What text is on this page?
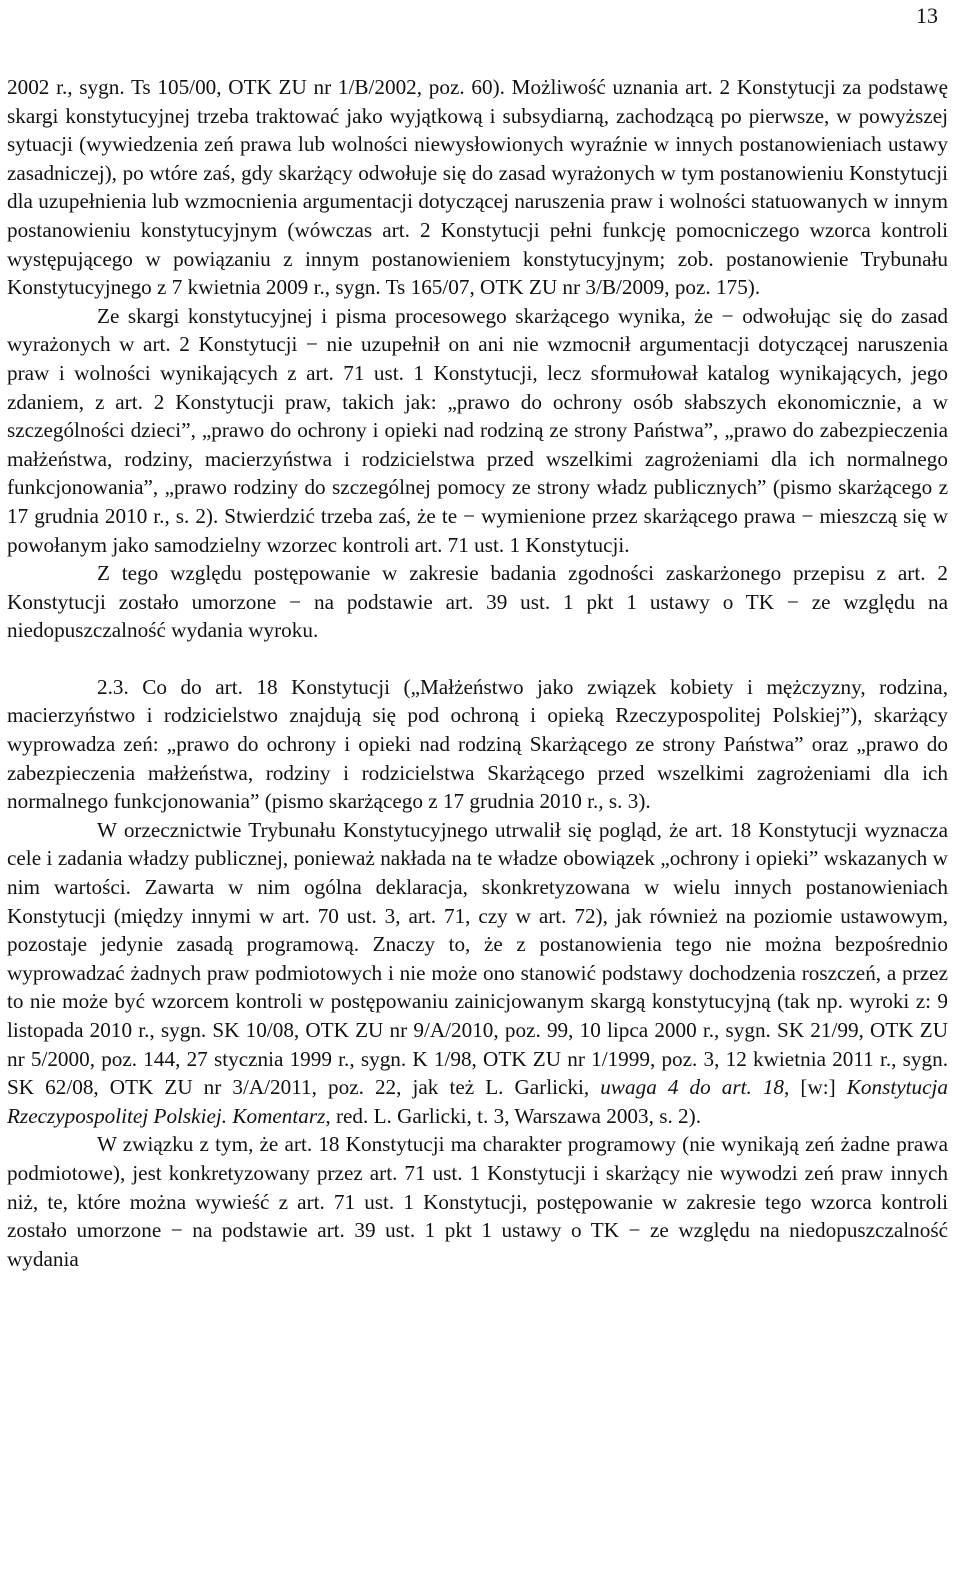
13

2002 r., sygn. Ts 105/00, OTK ZU nr 1/B/2002, poz. 60). Możliwość uznania art. 2 Konstytucji za podstawę skargi konstytucyjnej trzeba traktować jako wyjątkową i subsydiarną, zachodzącą po pierwsze, w powyższej sytuacji (wywiedzenia zeń prawa lub wolności niewysłowionych wyraźnie w innych postanowieniach ustawy zasadniczej), po wtóre zaś, gdy skarżący odwołuje się do zasad wyrażonych w tym postanowieniu Konstytucji dla uzupełnienia lub wzmocnienia argumentacji dotyczącej naruszenia praw i wolności statuowanych w innym postanowieniu konstytucyjnym (wówczas art. 2 Konstytucji pełni funkcję pomocniczego wzorca kontroli występującego w powiązaniu z innym postanowieniem konstytucyjnym; zob. postanowienie Trybunału Konstytucyjnego z 7 kwietnia 2009 r., sygn. Ts 165/07, OTK ZU nr 3/B/2009, poz. 175).

Ze skargi konstytucyjnej i pisma procesowego skarżącego wynika, że − odwołując się do zasad wyrażonych w art. 2 Konstytucji − nie uzupełnił on ani nie wzmocnił argumentacji dotyczącej naruszenia praw i wolności wynikających z art. 71 ust. 1 Konstytucji, lecz sformułował katalog wynikających, jego zdaniem, z art. 2 Konstytucji praw, takich jak: „prawo do ochrony osób słabszych ekonomicznie, a w szczególności dzieci”, „prawo do ochrony i opieki nad rodziną ze strony Państwa”, „prawo do zabezpieczenia małżeństwa, rodziny, macierzyństwa i rodzicielstwa przed wszelkimi zagrożeniami dla ich normalnego funkcjonowania”, „prawo rodziny do szczególnej pomocy ze strony władz publicznych” (pismo skarżącego z 17 grudnia 2010 r., s. 2). Stwierdzić trzeba zaś, że te − wymienione przez skarżącego prawa − mieszczą się w powołanym jako samodzielny wzorzec kontroli art. 71 ust. 1 Konstytucji.

Z tego względu postępowanie w zakresie badania zgodności zaskarżonego przepisu z art. 2 Konstytucji zostało umorzone − na podstawie art. 39 ust. 1 pkt 1 ustawy o TK − ze względu na niedopuszczalność wydania wyroku.

2.3. Co do art. 18 Konstytucji („Małżeństwo jako związek kobiety i mężczyzny, rodzina, macierzyństwo i rodzicielstwo znajdują się pod ochroną i opieką Rzeczypospolitej Polskiej”), skarżący wyprowadza zeń: „prawo do ochrony i opieki nad rodziną Skarżącego ze strony Państwa” oraz „prawo do zabezpieczenia małżeństwa, rodziny i rodzicielstwa Skarżącego przed wszelkimi zagrożeniami dla ich normalnego funkcjonowania” (pismo skarżącego z 17 grudnia 2010 r., s. 3).

W orzecznictwie Trybunału Konstytucyjnego utrwalił się pogląd, że art. 18 Konstytucji wyznacza cele i zadania władzy publicznej, ponieważ nakłada na te władze obowiązek „ochrony i opieki” wskazanych w nim wartości. Zawarta w nim ogólna deklaracja, skonkretyzowana w wielu innych postanowieniach Konstytucji (między innymi w art. 70 ust. 3, art. 71, czy w art. 72), jak również na poziomie ustawowym, pozostaje jedynie zasadą programową. Znaczy to, że z postanowienia tego nie można bezpośrednio wyprowadzać żadnych praw podmiotowych i nie może ono stanowić podstawy dochodzenia roszczeń, a przez to nie może być wzorcem kontroli w postępowaniu zainicjowanym skargą konstytucyjną (tak np. wyroki z: 9 listopada 2010 r., sygn. SK 10/08, OTK ZU nr 9/A/2010, poz. 99, 10 lipca 2000 r., sygn. SK 21/99, OTK ZU nr 5/2000, poz. 144, 27 stycznia 1999 r., sygn. K 1/98, OTK ZU nr 1/1999, poz. 3, 12 kwietnia 2011 r., sygn. SK 62/08, OTK ZU nr 3/A/2011, poz. 22, jak też L. Garlicki, uwaga 4 do art. 18, [w:] Konstytucja Rzeczypospolitej Polskiej. Komentarz, red. L. Garlicki, t. 3, Warszawa 2003, s. 2).

W związku z tym, że art. 18 Konstytucji ma charakter programowy (nie wynikają zeń żadne prawa podmiotowe), jest konkretyzowany przez art. 71 ust. 1 Konstytucji i skarżący nie wywodzi zeń praw innych niż, te, które można wywieść z art. 71 ust. 1 Konstytucji, postępowanie w zakresie tego wzorca kontroli zostało umorzone − na podstawie art. 39 ust. 1 pkt 1 ustawy o TK − ze względu na niedopuszczalność wydania
